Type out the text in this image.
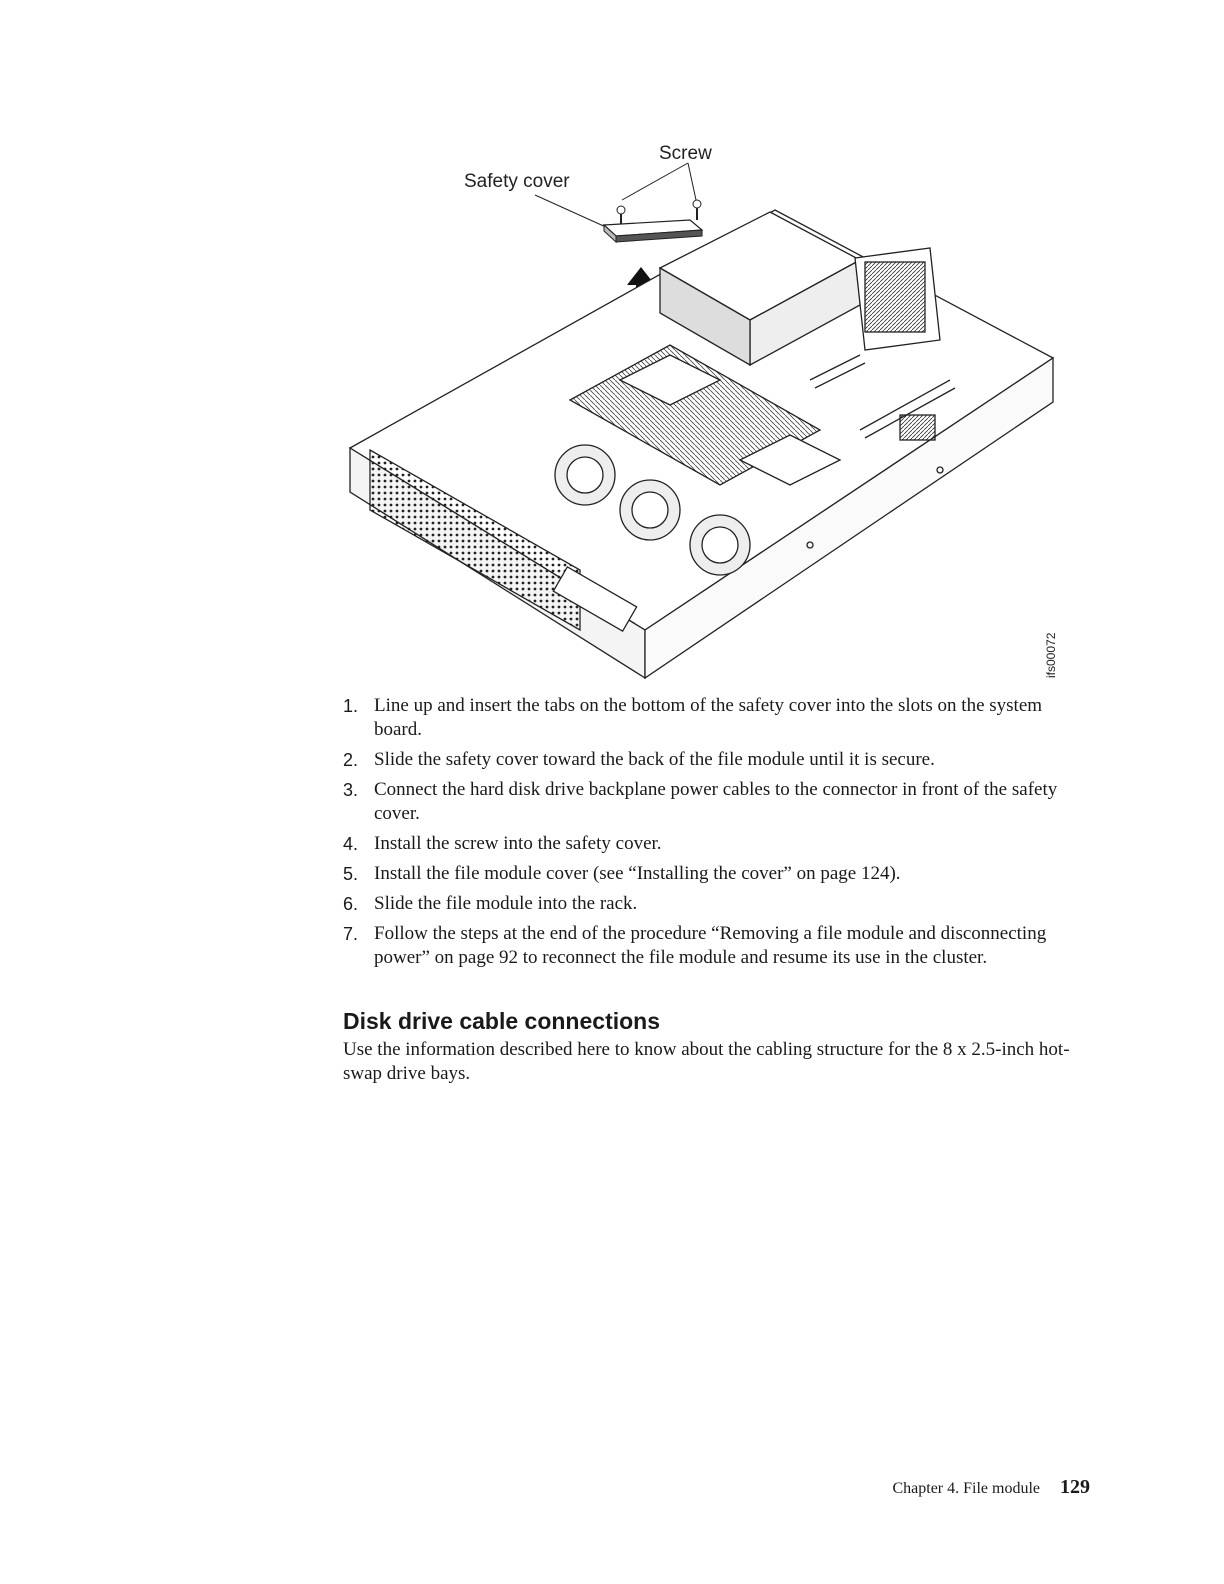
Screw
Safety cover
ifs00072
1. Line up and insert the tabs on the bottom of the safety cover into the slots on the system board.
2. Slide the safety cover toward the back of the file module until it is secure.
3. Connect the hard disk drive backplane power cables to the connector in front of the safety cover.
4. Install the screw into the safety cover.
5. Install the file module cover (see “Installing the cover” on page 124).
6. Slide the file module into the rack.
7. Follow the steps at the end of the procedure “Removing a file module and disconnecting power” on page 92 to reconnect the file module and resume its use in the cluster.
Disk drive cable connections

Use the information described here to know about the cabling structure for the 8 x 2.5-inch hot-swap drive bays.

Chapter 4. File module 129
